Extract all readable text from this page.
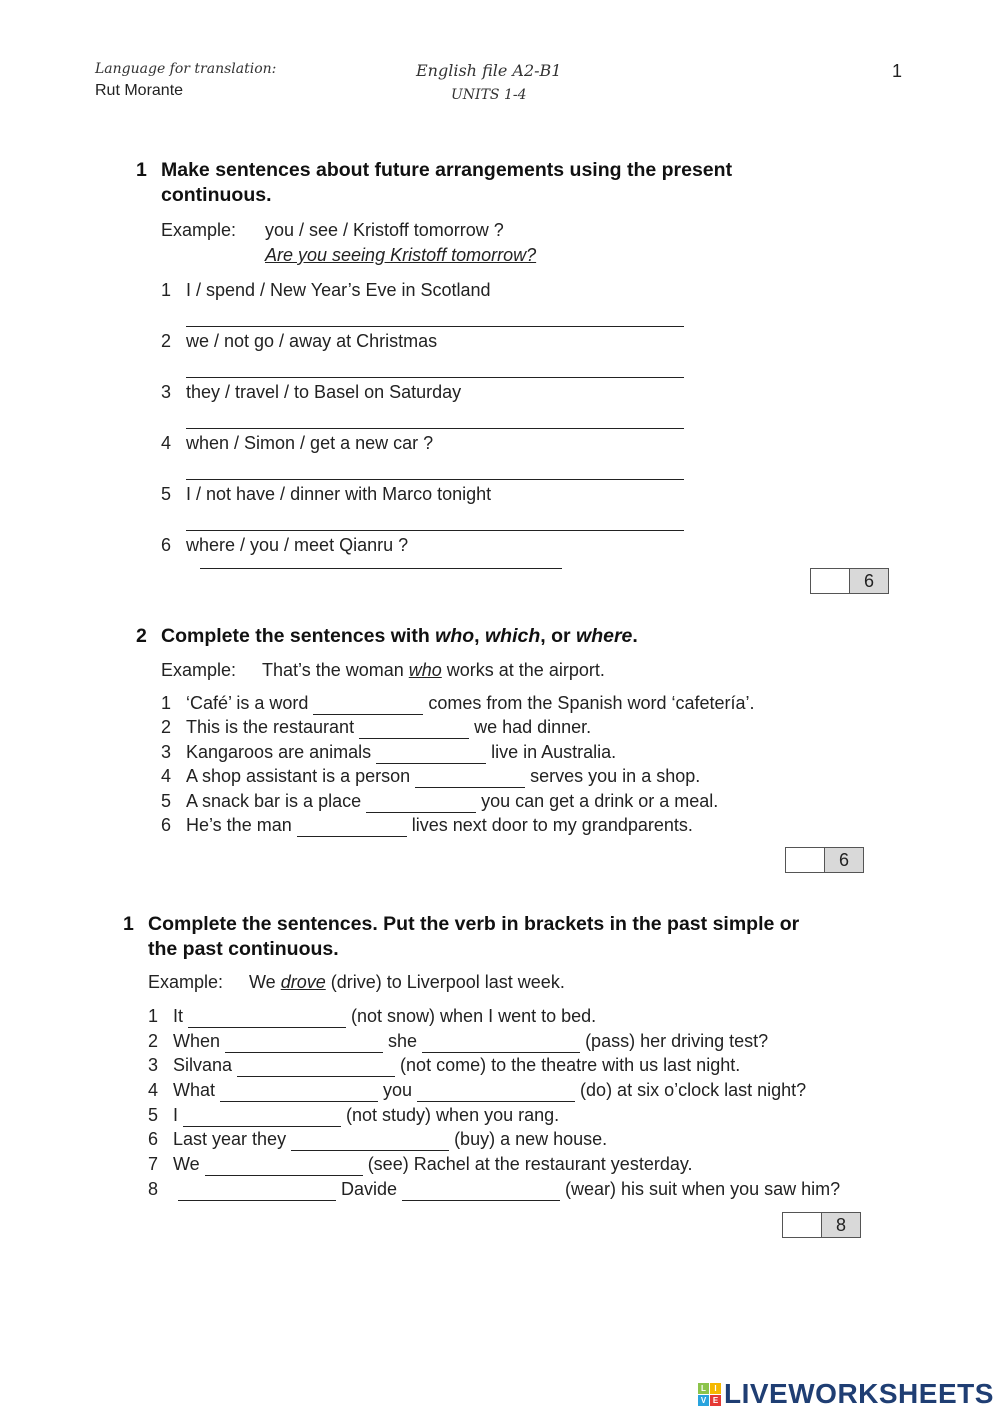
Language for translation:
Rut Morante
English file A2-B1
UNITS 1-4
1
1 Make sentences about future arrangements using the present
continuous.
Example: you / see / Kristoff tomorrow ?
Are you seeing Kristoff tomorrow?
1 I / spend / New Year’s Eve in Scotland
2 we / not go / away at Christmas
3 they / travel / to Basel on Saturday
4 when / Simon / get a new car ?
5 I / not have / dinner with Marco tonight
6 where / you / meet Qianru ?
6
2 Complete the sentences with who, which, or where.
Example: That’s the woman who works at the airport.
1 ‘Café’ is a word	comes from the Spanish word ‘cafetería’.
2 This is the restaurant	we had dinner.
3 Kangaroos are animals	live in Australia.
4 A shop assistant is a person	serves you in a shop.
5 A snack bar is a place	you can get a drink or a meal.
6 He’s the man	lives next door to my grandparents.
6
1 Complete the sentences. Put the verb in brackets in the past simple or
the past continuous.
Example: We drove (drive) to Liverpool last week.
1 It	(not snow) when I went to bed.
2 When	she	(pass) her driving test?
3 Silvana	(not come) to the theatre with us last night.
4 What	you	(do) at six o’clock last night?
5 I	(not study) when you rang.
6 Last year they	(buy) a new house.
7 We	(see) Rachel at the restaurant yesterday.
8	Davide	(wear) his suit when you saw him?
8
L	I
V E LIVEWORKSHEETS
